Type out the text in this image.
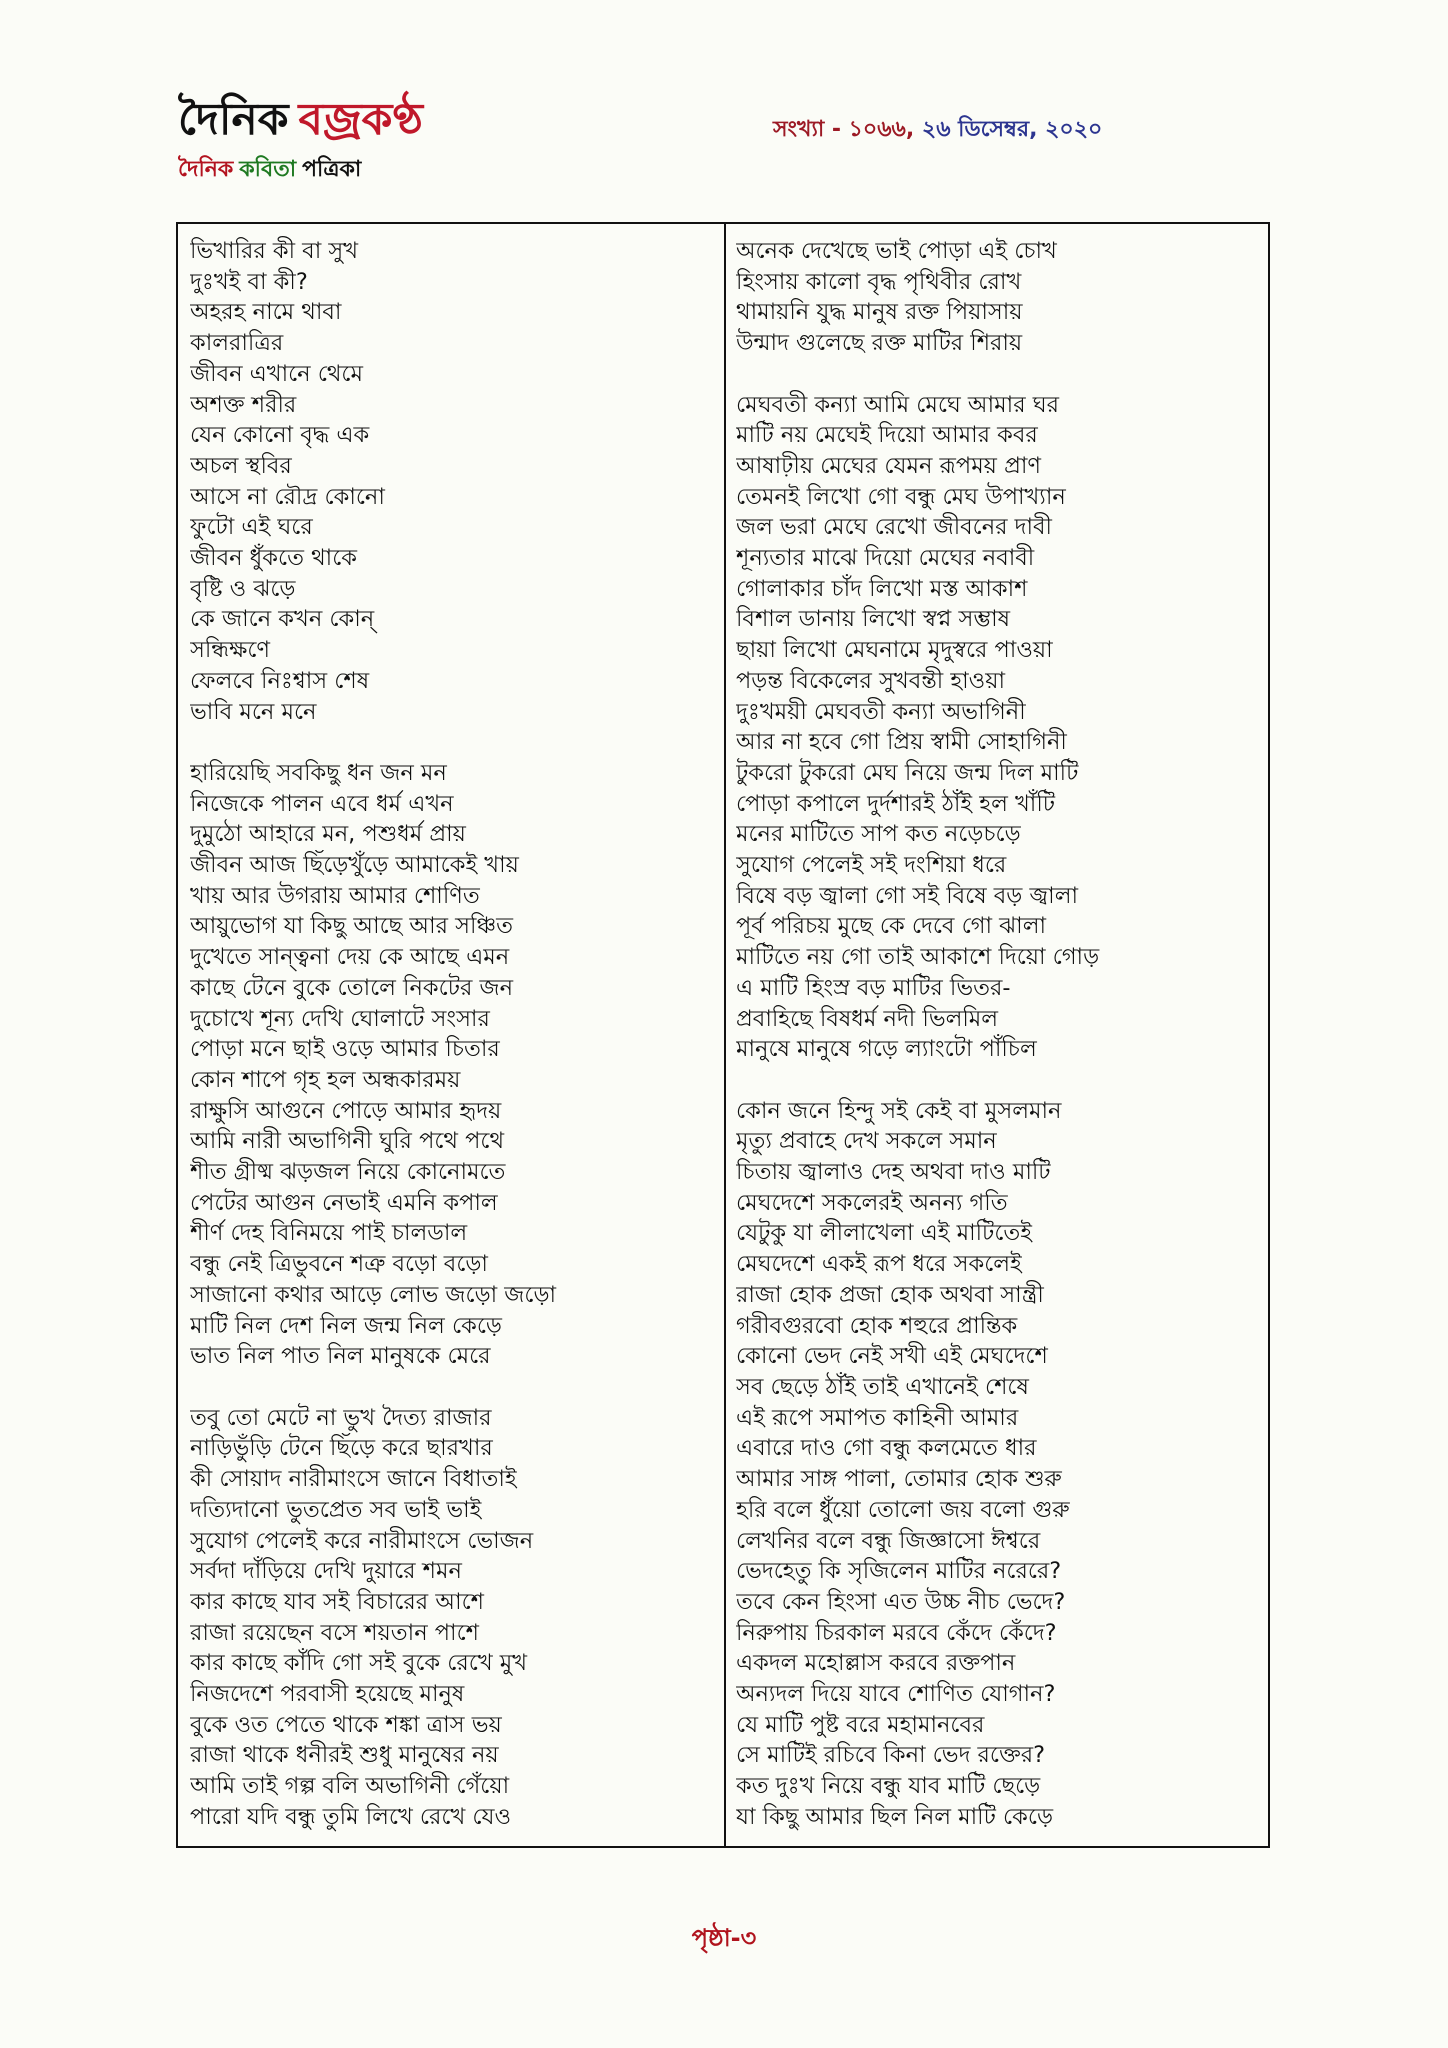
দৈনিক বজ্রকণ্ঠ
দৈনিক কবিতা পত্রিকা
সংখ্যা - ১০৬৬, ২৬ ডিসেম্বর, ২০২০
ভিখারির কী বা সুখ
দুঃখই বা কী?
অহরহ নামে থাবা
কালরাত্রির
জীবন এখানে থেমে
অশক্ত শরীর
যেন কোনো বৃদ্ধ এক
অচল স্থবির
আসে না রৌদ্র কোনো
ফুটো এই ঘরে
জীবন ধুঁকতে থাকে
বৃষ্টি ও ঝড়ে
কে জানে কখন কোন্
সন্ধিক্ষণে
ফেলবে নিঃশ্বাস শেষ
ভাবি মনে মনে
হারিয়েছি সবকিছু ধন জন মন
নিজেকে পালন এবে ধর্ম এখন
দুমুঠো আহারে মন, পশুধর্ম প্রায়
জীবন আজ ছিঁড়েখুঁড়ে আমাকেই খায়
খায় আর উগরায় আমার শোণিত
আয়ুভোগ যা কিছু আছে আর সঞ্চিত
দুখেতে সান্ত্বনা দেয় কে আছে এমন
কাছে টেনে বুকে তোলে নিকটের জন
দুচোখে শূন্য দেখি ঘোলাটে সংসার
পোড়া মনে ছাই ওড়ে আমার চিতার
কোন শাপে গৃহ হল অন্ধকারময়
রাক্ষুসি আগুনে পোড়ে আমার হৃদয়
আমি নারী অভাগিনী ঘুরি পথে পথে
শীত গ্রীষ্ম ঝড়জল নিয়ে কোনোমতে
পেটের আগুন নেভাই এমনি কপাল
শীর্ণ দেহ বিনিময়ে পাই চালডাল
বন্ধু নেই ত্রিভুবনে শত্রু বড়ো বড়ো
সাজানো কথার আড়ে লোভ জড়ো জড়ো
মাটি নিল দেশ নিল জন্ম নিল কেড়ে
ভাত নিল পাত নিল মানুষকে মেরে
তবু তো মেটে না ভুখ দৈত্য রাজার
নাড়িভুঁড়ি টেনে ছিঁড়ে করে ছারখার
কী সোয়াদ নারীমাংসে জানে বিধাতাই
দত্যিদানো ভুতপ্রেত সব ভাই ভাই
সুযোগ পেলেই করে নারীমাংসে ভোজন
সর্বদা দাঁড়িয়ে দেখি দুয়ারে শমন
কার কাছে যাব সই বিচারের আশে
রাজা রয়েছেন বসে শয়তান পাশে
কার কাছে কাঁদি গো সই বুকে রেখে মুখ
নিজদেশে পরবাসী হয়েছে মানুষ
বুকে ওত পেতে থাকে শঙ্কা ত্রাস ভয়
রাজা থাকে ধনীরই শুধু মানুষের নয়
আমি তাই গল্প বলি অভাগিনী গেঁয়ো
পারো যদি বন্ধু তুমি লিখে রেখে যেও
অনেক দেখেছে ভাই পোড়া এই চোখ
হিংসায় কালো বৃদ্ধ পৃথিবীর রোখ
থামায়নি যুদ্ধ মানুষ রক্ত পিয়াসায়
উন্মাদ গুলেছে রক্ত মাটির শিরায়
মেঘবতী কন্যা আমি মেঘে আমার ঘর
মাটি নয় মেঘেই দিয়ো আমার কবর
আষাঢ়ীয় মেঘের যেমন রূপময় প্রাণ
তেমনই লিখো গো বন্ধু মেঘ উপাখ্যান
জল ভরা মেঘে রেখো জীবনের দাবী
শূন্যতার মাঝে দিয়ো মেঘের নবাবী
গোলাকার চাঁদ লিখো মস্ত আকাশ
বিশাল ডানায় লিখো স্বপ্ন সম্ভাষ
ছায়া লিখো মেঘনামে মৃদুস্বরে পাওয়া
পড়ন্ত বিকেলের সুখবন্তী হাওয়া
দুঃখময়ী মেঘবতী কন্যা অভাগিনী
আর না হবে গো প্রিয় স্বামী সোহাগিনী
টুকরো টুকরো মেঘ নিয়ে জন্ম দিল মাটি
পোড়া কপালে দুর্দশারই ঠাঁই হল খাঁটি
মনের মাটিতে সাপ কত নড়েচড়ে
সুযোগ পেলেই সই দংশিয়া ধরে
বিষে বড় জ্বালা গো সই বিষে বড় জ্বালা
পূর্ব পরিচয় মুছে কে দেবে গো ঝালা
মাটিতে নয় গো তাই আকাশে দিয়ো গোড়
এ মাটি হিংস্র বড় মাটির ভিতর-
প্রবাহিছে বিষধর্ম নদী ভিলমিল
মানুষে মানুষে গড়ে ল্যাংটো পাঁচিল
কোন জনে হিন্দু সই কেই বা মুসলমান
মৃত্যু প্রবাহে দেখ সকলে সমান
চিতায় জ্বালাও দেহ অথবা দাও মাটি
মেঘদেশে সকলেরই অনন্য গতি
যেটুকু যা লীলাখেলা এই মাটিতেই
মেঘদেশে একই রূপ ধরে সকলেই
রাজা হোক প্রজা হোক অথবা সান্ত্রী
গরীবগুরবো হোক শহুরে প্রান্তিক
কোনো ভেদ নেই সখী এই মেঘদেশে
সব ছেড়ে ঠাঁই তাই এখানেই শেষে
এই রূপে সমাপত কাহিনী আমার
এবারে দাও গো বন্ধু কলমেতে ধার
আমার সাঙ্গ পালা, তোমার হোক শুরু
হরি বলে ধুঁয়ো তোলো জয় বলো গুরু
লেখনির বলে বন্ধু জিজ্ঞাসো ঈশ্বরে
ভেদহেতু কি সৃজিলেন মাটির নরেরে?
তবে কেন হিংসা এত উচ্চ নীচ ভেদে?
নিরুপায় চিরকাল মরবে কেঁদে কেঁদে?
একদল মহোল্লাস করবে রক্তপান
অন্যদল দিয়ে যাবে শোণিত যোগান?
যে মাটি পুষ্ট বরে মহামানবের
সে মাটিই রচিবে কিনা ভেদ রক্তের?
কত দুঃখ নিয়ে বন্ধু যাব মাটি ছেড়ে
যা কিছু আমার ছিল নিল মাটি কেড়ে
পৃষ্ঠা-৩
